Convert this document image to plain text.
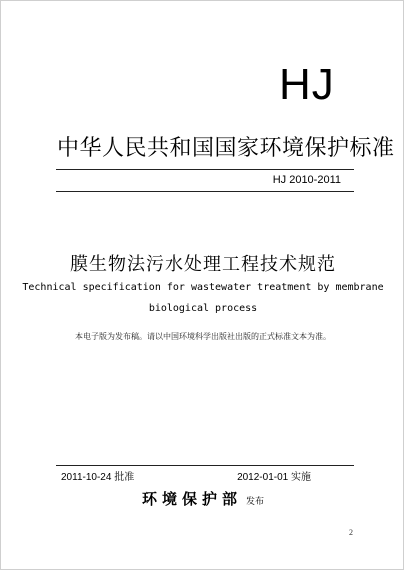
HJ
中华人民共和国国家环境保护标准
HJ 2010-2011
膜生物法污水处理工程技术规范
Technical specification for wastewater treatment by membrane
biological process
本电子版为发布稿。请以中国环境科学出版社出版的正式标准文本为准。
2011-10-24 批准	2012-01-01 实施
环境保护部 发布
2
